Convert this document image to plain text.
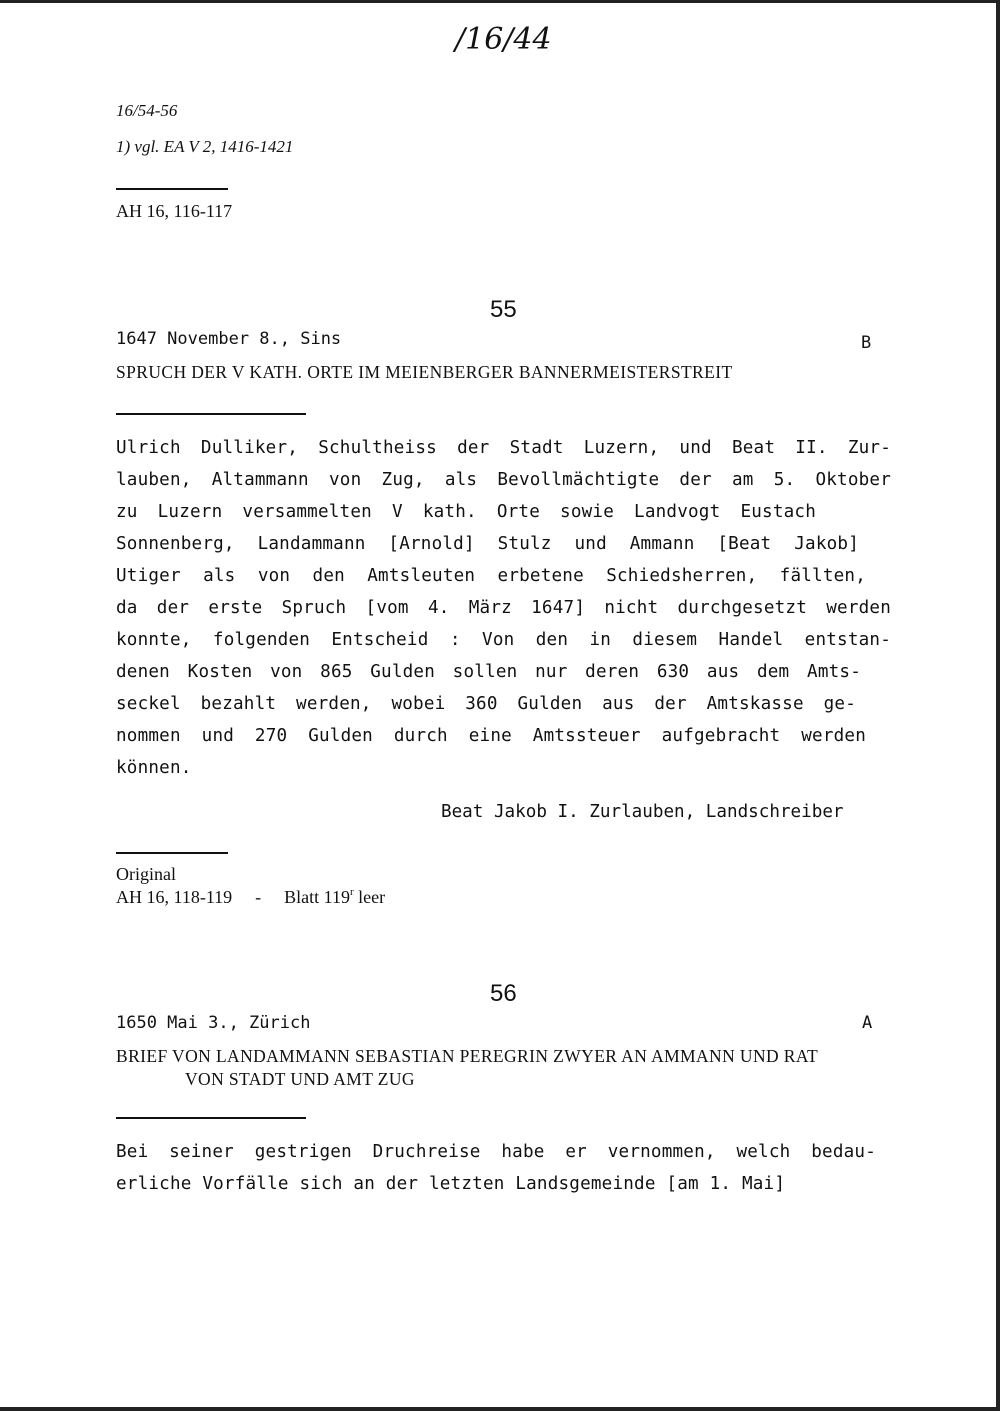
/16/44
16/54-56
1) vgl. EA V 2, 1416-1421
AH 16, 116-117
55
1647 November 8., Sins	B
SPRUCH DER V KATH. ORTE IM MEIENBERGER BANNERMEISTERSTREIT
Ulrich Dulliker, Schultheiss der Stadt Luzern, und Beat II. Zur-
lauben, Altammann von Zug, als Bevollmächtigte der am 5. Oktober
zu Luzern versammelten V kath. Orte sowie Landvogt Eustach
Sonnenberg, Landammann [Arnold] Stulz und Ammann [Beat Jakob]
Utiger als von den Amtsleuten erbetene Schiedsherren, fällten,
da der erste Spruch [vom 4. März 1647] nicht durchgesetzt werden
konnte, folgenden Entscheid : Von den in diesem Handel entstan-
denen Kosten von 865 Gulden sollen nur deren 630 aus dem Amts-
seckel bezahlt werden, wobei 360 Gulden aus der Amtskasse ge-
nommen und 270 Gulden durch eine Amtssteuer aufgebracht werden
können.
Beat Jakob I. Zurlauben, Landschreiber
Original
AH 16, 118-119 - Blatt 119$^r$ leer
56
1650 Mai 3., Zürich	A
BRIEF VON LANDAMMANN SEBASTIAN PEREGRIN ZWYER AN AMMANN UND RAT
VON STADT UND AMT ZUG
Bei seiner gestrigen Druchreise habe er vernommen, welch bedau-
erliche Vorfälle sich an der letzten Landsgemeinde [am 1. Mai]
